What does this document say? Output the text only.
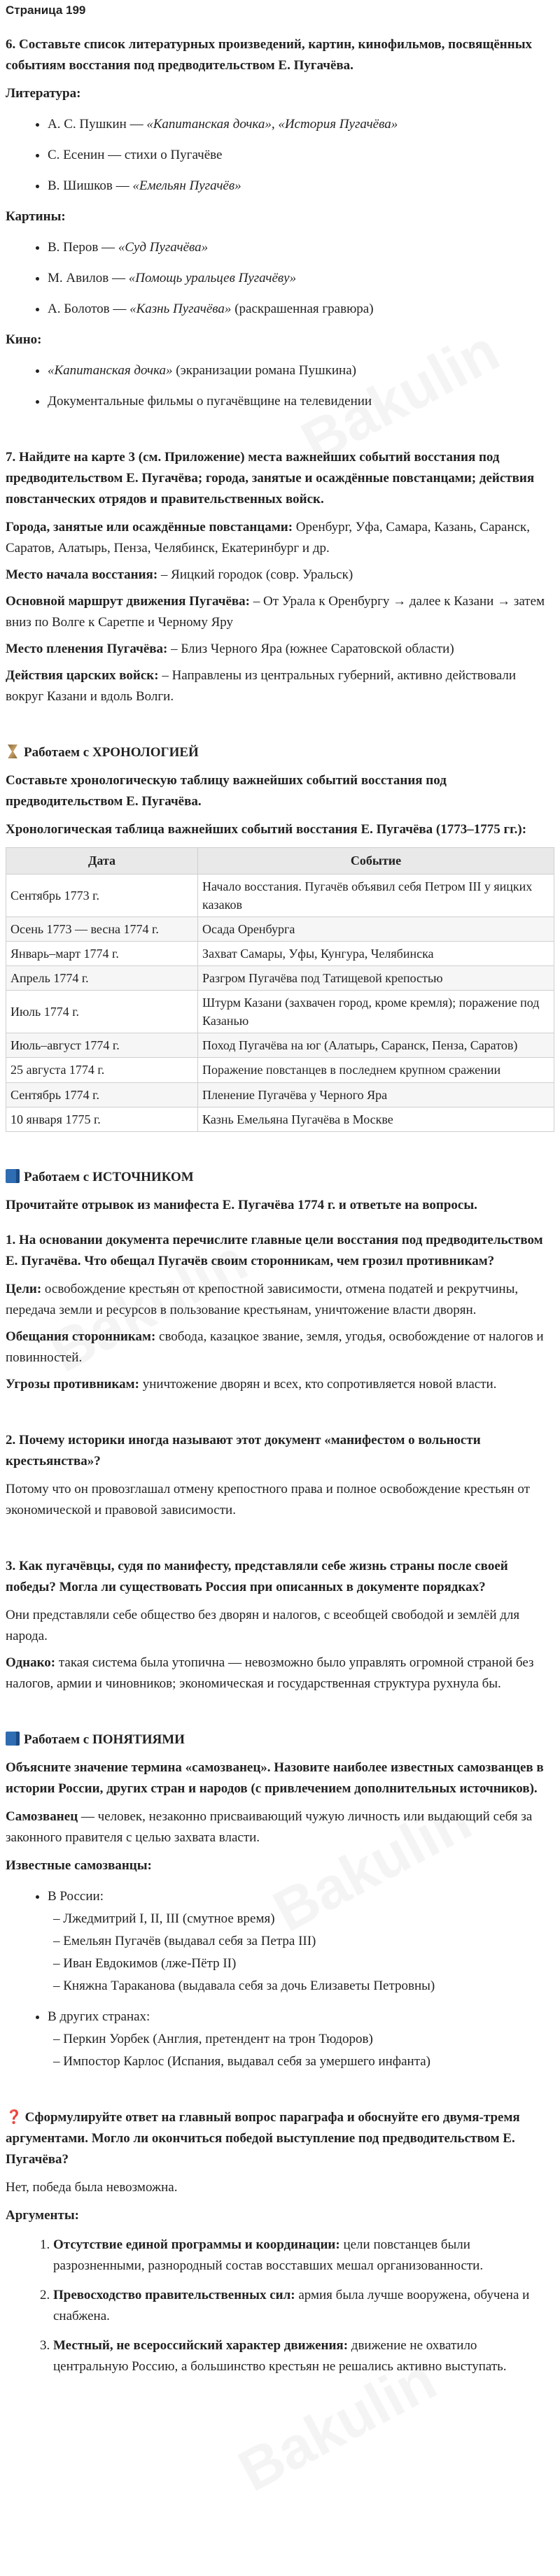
Страница 199
6. Составьте список литературных произведений, картин, кинофильмов, посвящённых событиям восстания под предводительством Е. Пугачёва.
Литература:
• А. С. Пушкин — «Капитанская дочка», «История Пугачёва»
• С. Есенин — стихи о Пугачёве
• В. Шишков — «Емельян Пугачёв»
Картины:
• В. Перов — «Суд Пугачёва»
• М. Авилов — «Помощь уральцев Пугачёву»
• А. Болотов — «Казнь Пугачёва» (раскрашенная гравюра)
Кино:
• «Капитанская дочка» (экранизации романа Пушкина)
• Документальные фильмы о пугачёвщине на телевидении
7. Найдите на карте 3 (см. Приложение) места важнейших событий восстания под предводительством Е. Пугачёва; города, занятые и осаждённые повстанцами; действия повстанческих отрядов и правительственных войск.

Города, занятые или осаждённые повстанцами: Оренбург, Уфа, Самара, Казань, Саранск, Саратов, Алатырь, Пенза, Челябинск, Екатеринбург и др.

Место начала восстания: – Яицкий городок (совр. Уральск)

Основной маршрут движения Пугачёва: – От Урала к Оренбургу → далее к Казани → затем вниз по Волге к Саретпе и Черному Яру

Место пленения Пугачёва: – Близ Черного Яра (южнее Саратовской области)

Действия царских войск: – Направлены из центральных губерний, активно действовали вокруг Казани и вдоль Волги.

Работаем с ХРОНОЛОГИЕЙ
Составьте хронологическую таблицу важнейших событий восстания под предводительством Е. Пугачёва.
Хронологическая таблица важнейших событий восстания Е. Пугачёва (1773–1775 гг.):
Дата	Событие
Сентябрь 1773 г.	Начало восстания. Пугачёв объявил себя Петром III у яицких казаков
Осень 1773 — весна 1774 г.	Осада Оренбурга
Январь–март 1774 г.	Захват Самары, Уфы, Кунгура, Челябинска
Апрель 1774 г.	Разгром Пугачёва под Татищевой крепостью
Июль 1774 г.	Штурм Казани (захвачен город, кроме кремля); поражение под Казанью
Июль–август 1774 г.	Поход Пугачёва на юг (Алатырь, Саранск, Пенза, Саратов)
25 августа 1774 г.	Поражение повстанцев в последнем крупном сражении
Сентябрь 1774 г.	Пленение Пугачёва у Черного Яра
10 января 1775 г.	Казнь Емельяна Пугачёва в Москве
Работаем с ИСТОЧНИКОМ
Прочитайте отрывок из манифеста Е. Пугачёва 1774 г. и ответьте на вопросы.
1. На основании документа перечислите главные цели восстания под предводительством Е. Пугачёва. Что обещал Пугачёв своим сторонникам, чем грозил противникам?

Цели: освобождение крестьян от крепостной зависимости, отмена податей и рекрутчины, передача земли и ресурсов в пользование крестьянам, уничтожение власти дворян.

Обещания сторонникам: свобода, казацкое звание, земля, угодья, освобождение от налогов и повинностей.

Угрозы противникам: уничтожение дворян и всех, кто сопротивляется новой власти.

2. Почему историки иногда называют этот документ «манифестом о вольности крестьянства»?

Потому что он провозглашал отмену крепостного права и полное освобождение крестьян от экономической и правовой зависимости.

3. Как пугачёвцы, судя по манифесту, представляли себе жизнь страны после своей победы? Могла ли существовать Россия при описанных в документе порядках?

Они представляли себе общество без дворян и налогов, с всеобщей свободой и землёй для народа.

Однако: такая система была утопична — невозможно было управлять огромной страной без налогов, армии и чиновников; экономическая и государственная структура рухнула бы.

Работаем с ПОНЯТИЯМИ
Объясните значение термина «самозванец». Назовите наиболее известных самозванцев в истории России, других стран и народов (с привлечением дополнительных источников).

Самозванец — человек, незаконно присваивающий чужую личность или выдающий себя за законного правителя с целью захвата власти.

Известные самозванцы:
• В России:
– Лжедмитрий I, II, III (смутное время)
– Емельян Пугачёв (выдавал себя за Петра III)
– Иван Евдокимов (лже-Пётр II)
– Княжна Тараканова (выдавала себя за дочь Елизаветы Петровны)
• В других странах:
– Перкин Уорбек (Англия, претендент на трон Тюдоров)
– Импостор Карлос (Испания, выдавал себя за умершего инфанта)
❓ Сформулируйте ответ на главный вопрос параграфа и обоснуйте его двумя-тремя аргументами. Могло ли окончиться победой выступление под предводительством Е. Пугачёва?

Нет, победа была невозможна.

Аргументы:
1. Отсутствие единой программы и координации: цели повстанцев были разрозненными, разнородный состав восставших мешал организованности.
2. Превосходство правительственных сил: армия была лучше вооружена, обучена и снабжена.
3. Местный, не всероссийский характер движения: движение не охватило центральную Россию, а большинство крестьян не решались активно выступать.
